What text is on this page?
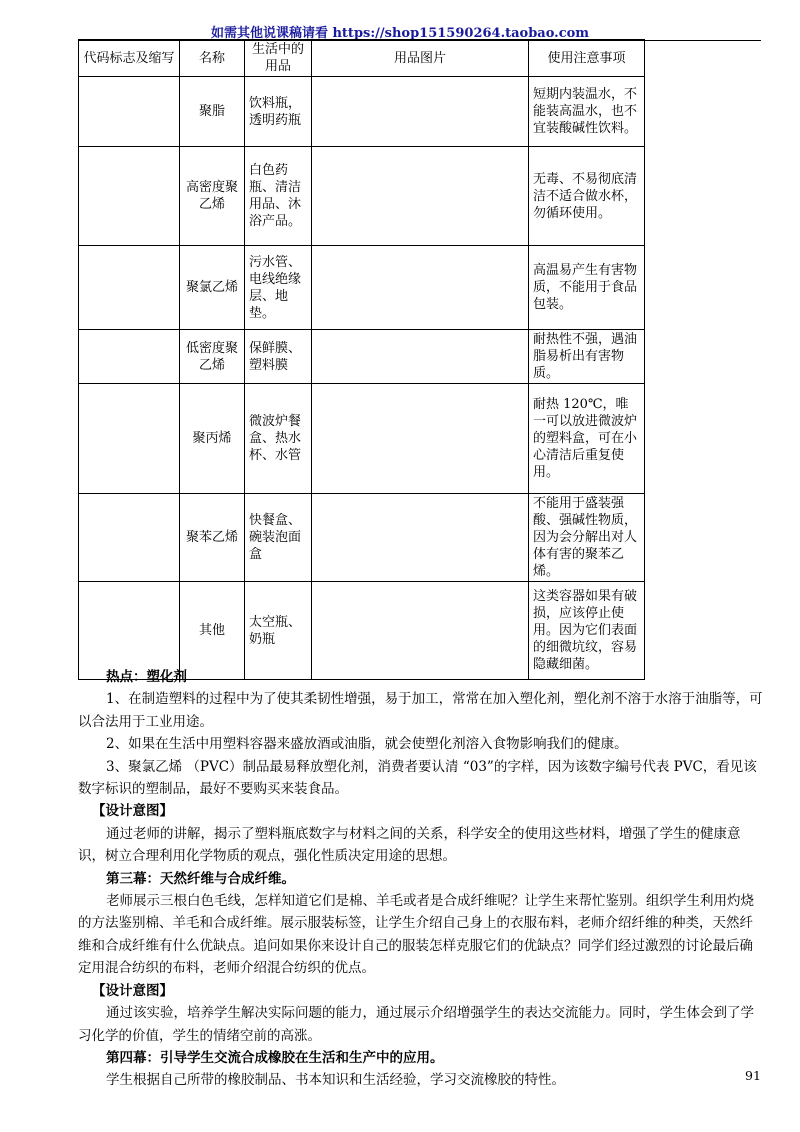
如需其他说课稿请看 https://shop151590264.taobao.com
代码标志及缩写	名称	生活中的用品	用品图片	使用注意事项
	聚脂	饮料瓶，透明药瓶		短期内装温水，不能装高温水，也不宜装酸碱性饮料。
	高密度聚乙烯	白色药瓶、清洁用品、沐浴产品。		无毒、不易彻底清洁不适合做水杯，勿循环使用。
	聚氯乙烯	污水管、电线绝缘层、地垫。		高温易产生有害物质，不能用于食品包装。
	低密度聚乙烯	保鲜膜、塑料膜		耐热性不强，遇油脂易析出有害物质。
	聚丙烯	微波炉餐盒、热水杯、水管		耐热 120℃，唯一可以放进微波炉的塑料盒，可在小心清洁后重复使用。
	聚苯乙烯	快餐盒、碗装泡面盒		不能用于盛装强酸、强碱性物质，因为会分解出对人体有害的聚苯乙烯。
	其他	太空瓶、奶瓶		这类容器如果有破损，应该停止使用。因为它们表面的细微坑纹，容易隐藏细菌。

热点：塑化剂

1、在制造塑料的过程中为了使其柔韧性增强，易于加工，常常在加入塑化剂，塑化剂不溶于水溶于油脂等，可以合法用于工业用途。

2、如果在生活中用塑料容器来盛放酒或油脂，就会使塑化剂溶入食物影响我们的健康。

3、聚氯乙烯 （PVC）制品最易释放塑化剂，消费者要认清 “03”的字样，因为该数字编号代表 PVC，看见该数字标识的塑制品，最好不要购买来装食品。

【设计意图】

通过老师的讲解，揭示了塑料瓶底数字与材料之间的关系，科学安全的使用这些材料，增强了学生的健康意识，树立合理利用化学物质的观点，强化性质决定用途的思想。

第三幕：天然纤维与合成纤维。

老师展示三根白色毛线，怎样知道它们是棉、羊毛或者是合成纤维呢？让学生来帮忙鉴别。组织学生利用灼烧的方法鉴别棉、羊毛和合成纤维。展示服装标签，让学生介绍自己身上的衣服布料，老师介绍纤维的种类，天然纤维和合成纤维有什么优缺点。追问如果你来设计自己的服装怎样克服它们的优缺点？同学们经过激烈的讨论最后确定用混合纺织的布料，老师介绍混合纺织的优点。

【设计意图】

通过该实验，培养学生解决实际问题的能力，通过展示介绍增强学生的表达交流能力。同时，学生体会到了学习化学的价值，学生的情绪空前的高涨。

第四幕：引导学生交流合成橡胶在生活和生产中的应用。

学生根据自己所带的橡胶制品、书本知识和生活经验，学习交流橡胶的特性。	91
